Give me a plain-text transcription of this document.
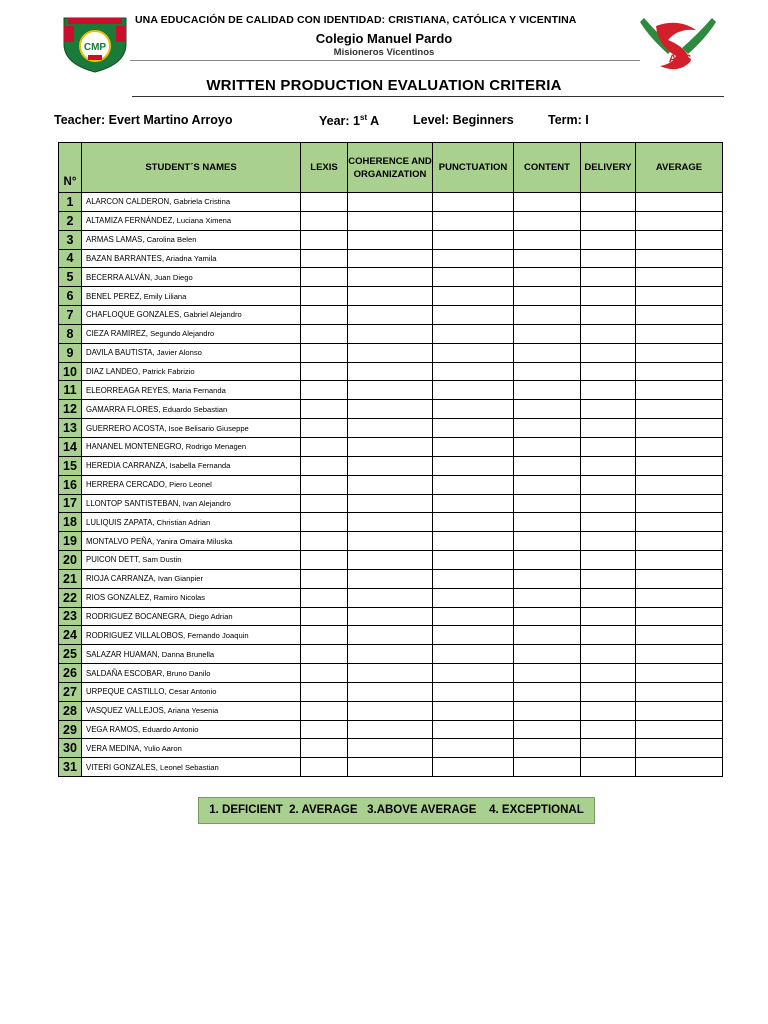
CMP
AES
UNA EDUCACIÓN DE CALIDAD CON IDENTIDAD: CRISTIANA, CATÓLICA Y VICENTINA
Colegio Manuel Pardo
Misioneros Vicentinos
WRITTEN PRODUCTION EVALUATION CRITERIA
Teacher: Evert Martino Arroyo	Year: 1st A	Level: Beginners	Term: I
N°	STUDENT´S NAMES	LEXIS	COHERENCE AND ORGANIZATION	PUNCTUATION	CONTENT	DELIVERY	AVERAGE
1	ALARCON CALDERON, Gabriela Cristina						
2	ALTAMIZA FERNÁNDEZ, Luciana Ximena						
3	ARMAS LAMAS, Carolina Belen						
4	BAZAN BARRANTES, Ariadna Yamila						
5	BECERRA ALVÁN, Juan Diego						
6	BENEL PEREZ, Emily Liliana						
7	CHAFLOQUE GONZALES, Gabriel Alejandro						
8	CIEZA RAMIREZ, Segundo Alejandro						
9	DAVILA BAUTISTA, Javier Alonso						
10	DIAZ LANDEO, Patrick Fabrizio						
11	ELEORREAGA REYES, Maria Fernanda						
12	GAMARRA FLORES, Eduardo Sebastian						
13	GUERRERO ACOSTA, Isoe Belisario Giuseppe						
14	HANANEL MONTENEGRO, Rodrigo Menagen						
15	HEREDIA CARRANZA, Isabella Fernanda						
16	HERRERA CERCADO, Piero Leonel						
17	LLONTOP SANTISTEBAN, Ivan Alejandro						
18	LULIQUIS ZAPATA, Christian Adrian						
19	MONTALVO PEÑA, Yanira Omaira Miluska						
20	PUICON DETT, Sam Dustin						
21	RIOJA CARRANZA, Ivan Gianpier						
22	RIOS GONZALEZ, Ramiro Nicolas						
23	RODRIGUEZ BOCANEGRA, Diego Adrian						
24	RODRIGUEZ VILLALOBOS, Fernando Joaquin						
25	SALAZAR HUAMAN, Danna Brunella						
26	SALDAÑA ESCOBAR, Bruno Danilo						
27	URPEQUE CASTILLO, Cesar Antonio						
28	VASQUEZ VALLEJOS, Ariana Yesenia						
29	VEGA RAMOS, Eduardo Antonio						
30	VERA MEDINA, Yulio Aaron						
31	VITERI GONZALES, Leonel Sebastian						
1. DEFICIENT  2. AVERAGE   3.ABOVE AVERAGE    4. EXCEPTIONAL
